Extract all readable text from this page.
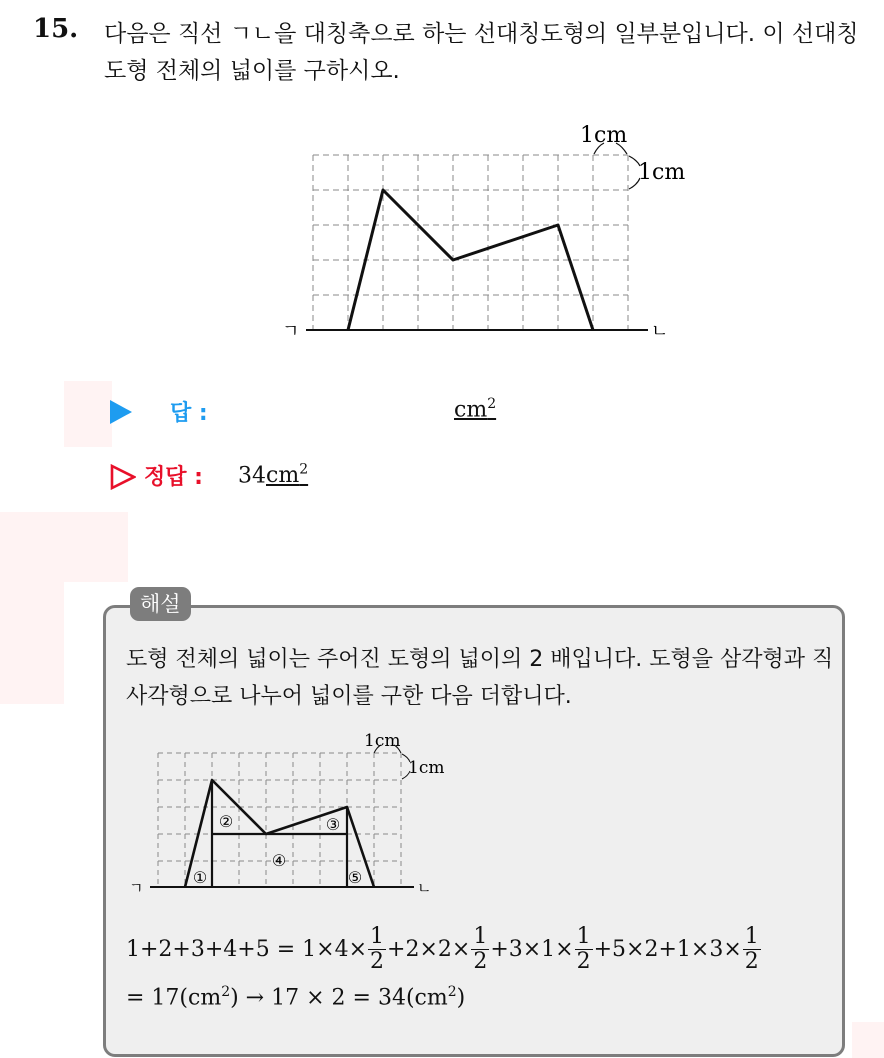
15. 다음은 직선 ㄱㄴ을 대칭축으로 하는 선대칭도형의 일부분입니다. 이 선대칭도형 전체의 넓이를 구하시오.
1cm
1cm
ㄱ	ㄴ
답 :	$cm^2$
정답 : $34cm^2$
해설
도형 전체의 넓이는 주어진 도형의 넓이의 2 배입니다. 도형을 삼각형과 직사각형으로 나누어 넓이를 구한 다음 더합니다.
1cm
1cm
ㄱ	ㄴ
①
②	③
④
⑤
$1+2+3+4+5 = 1\times 4\times \frac{1}{2} +2\times 2\times \frac{1}{2} +3\times 1\times \frac{1}{2} +5\times 2+1\times 3\times \frac{1}{2}$
= $17(cm^2) \to 17 \times 2 = 34(cm^2)$
